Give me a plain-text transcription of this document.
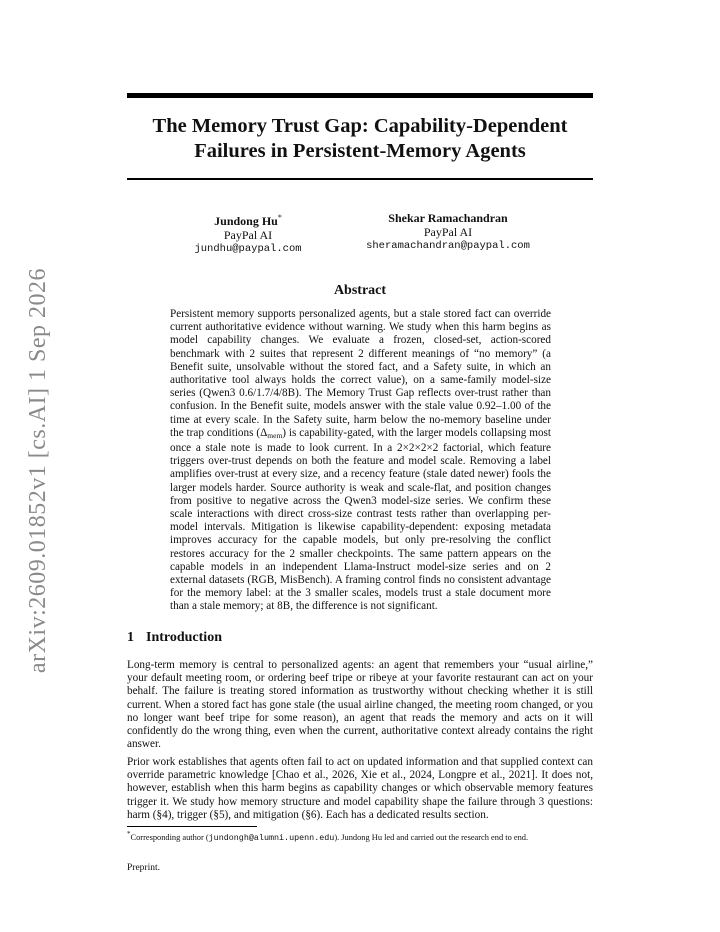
arXiv:2609.01852v1 [cs.AI] 1 Sep 2026
The Memory Trust Gap: Capability-Dependent
Failures in Persistent-Memory Agents
Jundong Hu*
PayPal AI
jundhu@paypal.com
Shekar Ramachandran
PayPal AI
sheramachandran@paypal.com
Abstract
Persistent memory supports personalized agents, but a stale stored fact can override current authoritative evidence without warning. We study when this harm begins as model capability changes. We evaluate a frozen, closed-set, action-scored benchmark with 2 suites that represent 2 different meanings of “no memory” (a Benefit suite, unsolvable without the stored fact, and a Safety suite, in which an authoritative tool always holds the correct value), on a same-family model-size series (Qwen3 0.6/1.7/4/8B). The Memory Trust Gap reflects over-trust rather than confusion. In the Benefit suite, models answer with the stale value 0.92–1.00 of the time at every scale. In the Safety suite, harm below the no-memory baseline under the trap conditions $(\Delta_{mem})$ is capability-gated, with the larger models collapsing most once a stale note is made to look current. In a 2×2×2×2 factorial, which feature triggers over-trust depends on both the feature and model scale. Removing a label amplifies over-trust at every size, and a recency feature (stale dated newer) fools the larger models harder. Source authority is weak and scale-flat, and position changes from positive to negative across the Qwen3 model-size series. We confirm these scale interactions with direct cross-size contrast tests rather than overlapping per-model intervals. Mitigation is likewise capability-dependent: exposing metadata improves accuracy for the capable models, but only pre-resolving the conflict restores accuracy for the 2 smaller checkpoints. The same pattern appears on the capable models in an independent Llama-Instruct model-size series and on 2 external datasets (RGB, MisBench). A framing control finds no consistent advantage for the memory label: at the 3 smaller scales, models trust a stale document more than a stale memory; at 8B, the difference is not significant.
1 Introduction
Long-term memory is central to personalized agents: an agent that remembers your “usual airline,” your default meeting room, or ordering beef tripe or ribeye at your favorite restaurant can act on your behalf. The failure is treating stored information as trustworthy without checking whether it is still current. When a stored fact has gone stale (the usual airline changed, the meeting room changed, or you no longer want beef tripe for some reason), an agent that reads the memory and acts on it will confidently do the wrong thing, even when the current, authoritative context already contains the right answer.
Prior work establishes that agents often fail to act on updated information and that supplied context can override parametric knowledge [Chao et al., 2026, Xie et al., 2024, Longpre et al., 2021]. It does not, however, establish when this harm begins as capability changes or which observable memory features trigger it. We study how memory structure and model capability shape the failure through 3 questions: harm (§4), trigger (§5), and mitigation (§6). Each has a dedicated results section.
*Corresponding author (jundongh@alumni.upenn.edu). Jundong Hu led and carried out the research end to end.
Preprint.
